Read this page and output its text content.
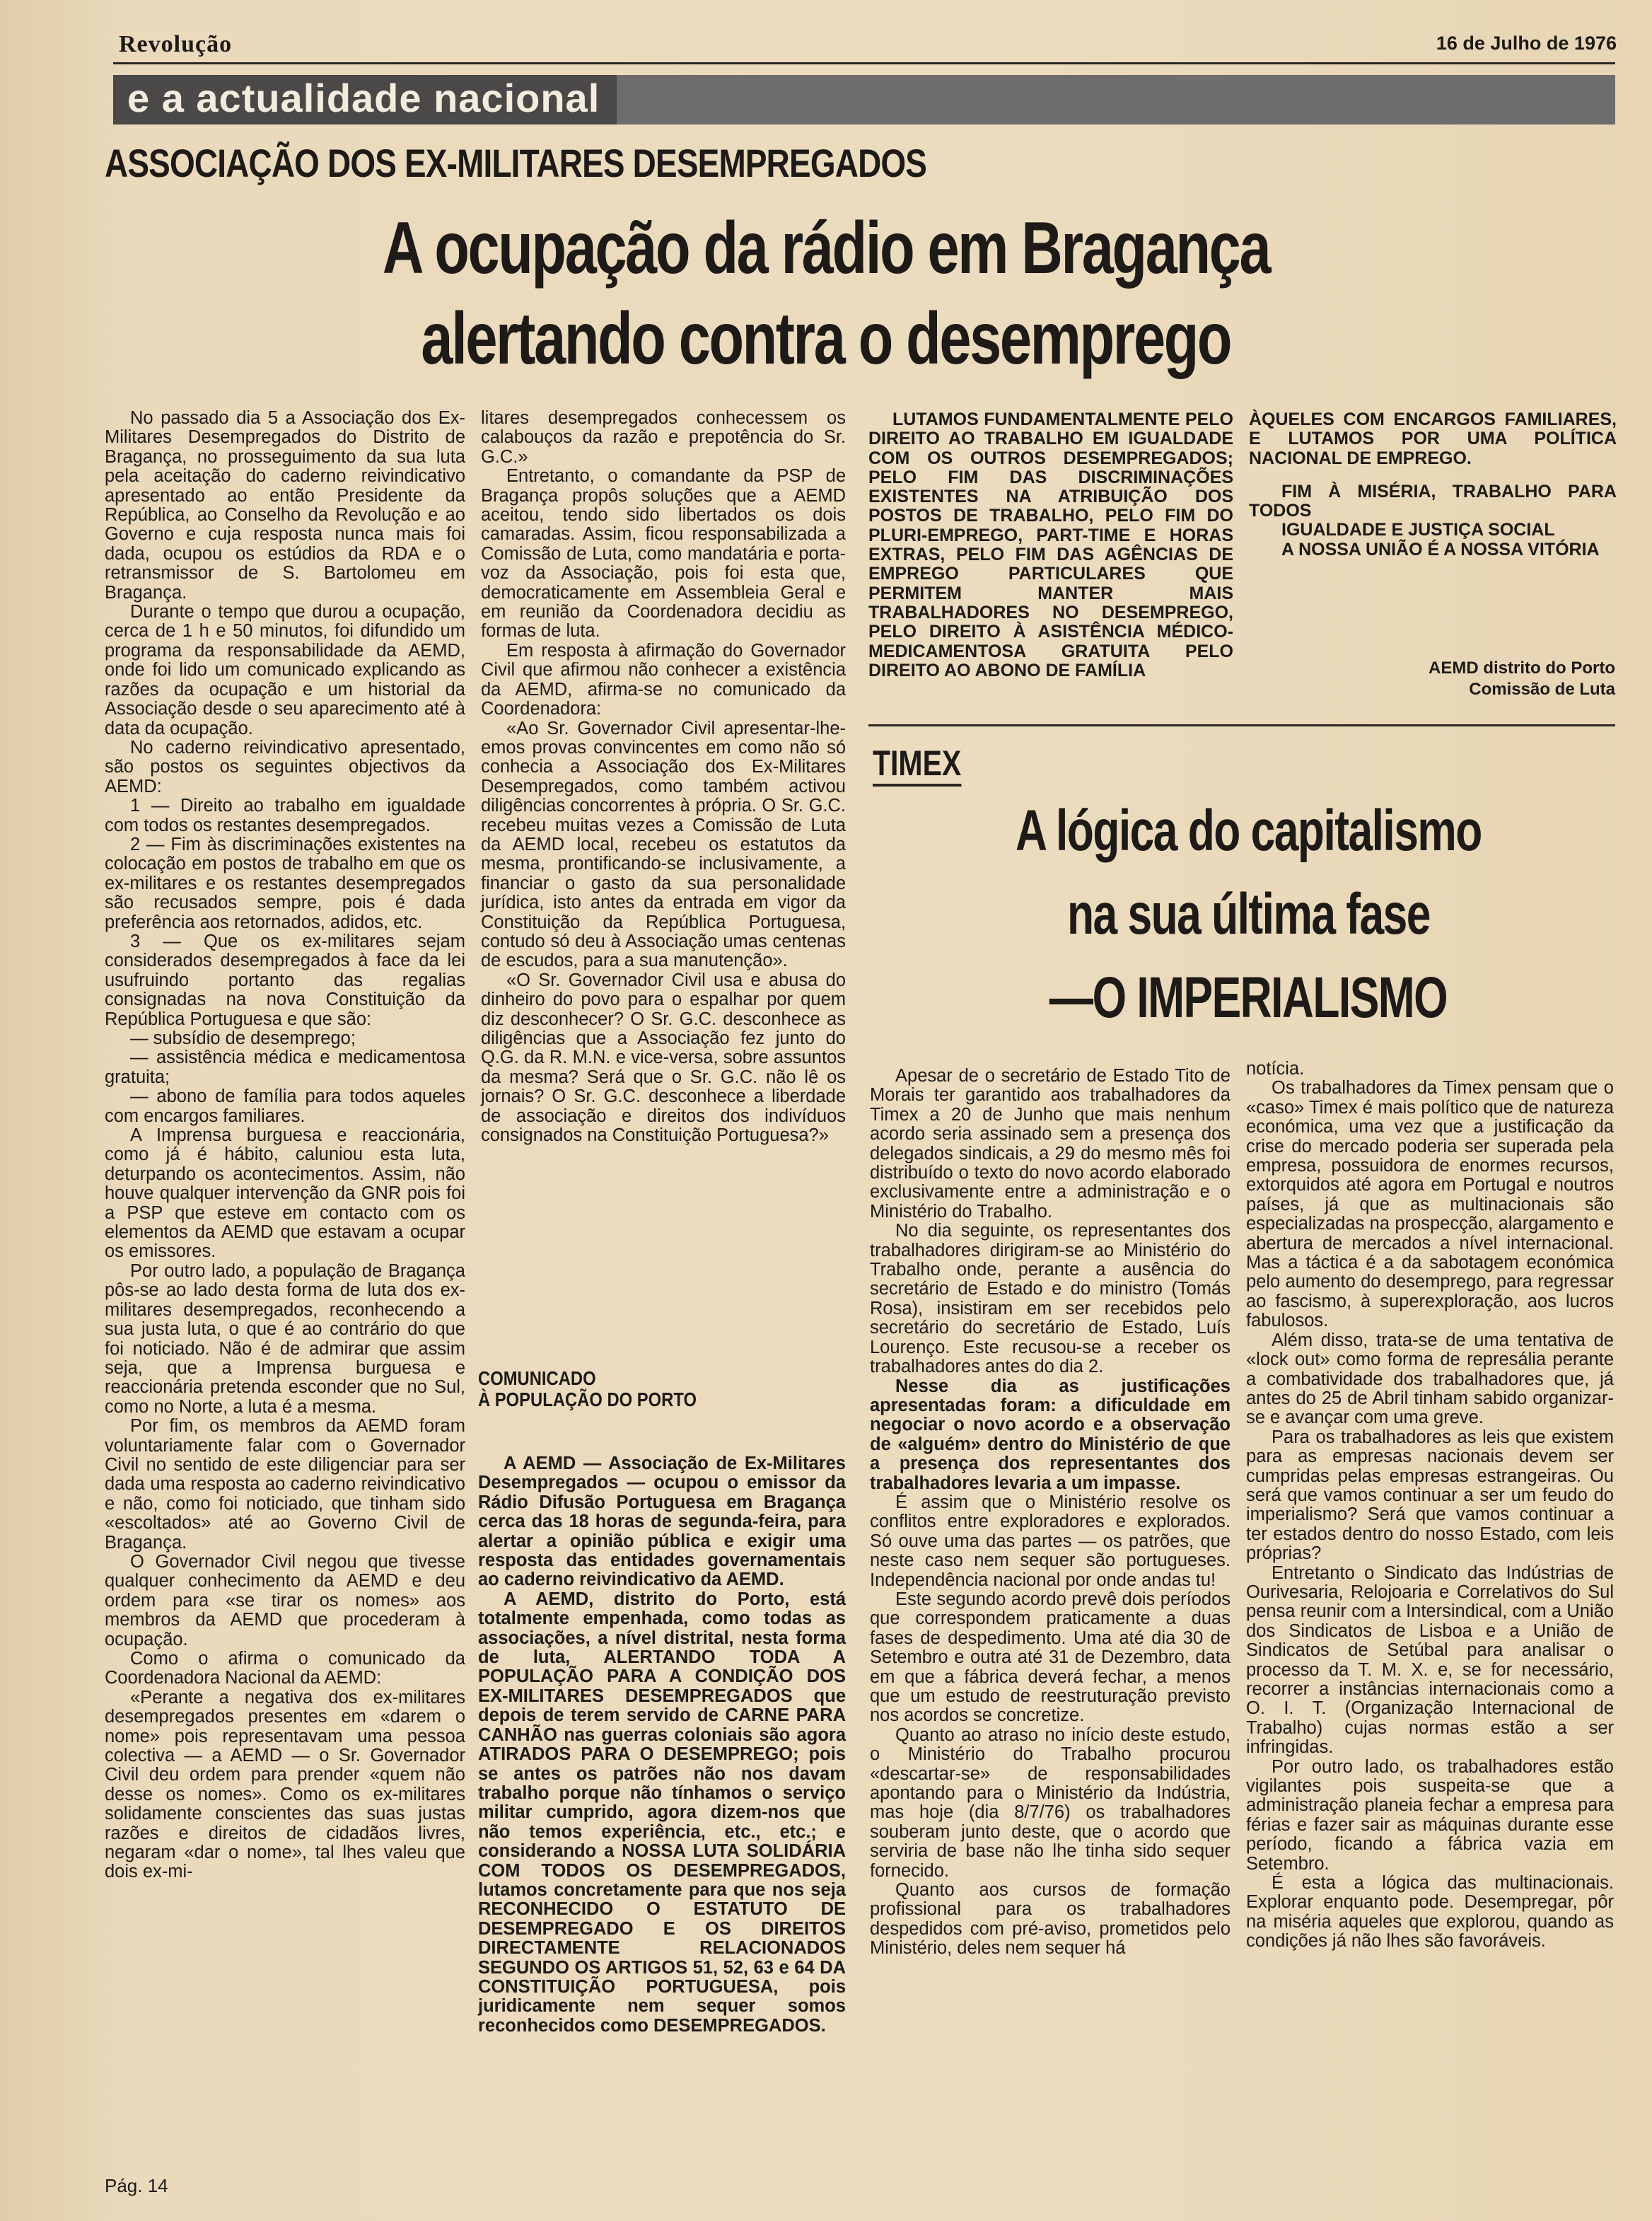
Revolução	16 de Julho de 1976
e a actualidade nacional
ASSOCIAÇÃO DOS EX-MILITARES DESEMPREGADOS
A ocupação da rádio em Bragança
alertando contra o desemprego

No passado dia 5 a Associação dos Ex-Militares Desempregados do Distrito de Bragança, no prosseguimento da sua luta pela aceitação do caderno reivindicativo apresentado ao então Presidente da República, ao Conselho da Revolução e ao Governo e cuja resposta nunca mais foi dada, ocupou os estúdios da RDA e o retransmissor de S. Bartolomeu em Bragança.

Durante o tempo que durou a ocupação, cerca de 1 h e 50 minutos, foi difundido um programa da responsabilidade da AEMD, onde foi lido um comunicado explicando as razões da ocupação e um historial da Associação desde o seu aparecimento até à data da ocupação.

No caderno reivindicativo apresentado, são postos os seguintes objectivos da AEMD:

1 — Direito ao trabalho em igualdade com todos os restantes desempregados.

2 — Fim às discriminações existentes na colocação em postos de trabalho em que os ex-militares e os restantes desempregados são recusados sempre, pois é dada preferência aos retornados, adidos, etc.

3 — Que os ex-militares sejam considerados desempregados à face da lei usufruindo portanto das regalias consignadas na nova Constituição da República Portuguesa e que são:

— subsídio de desemprego;

— assistência médica e medicamentosa gratuita;

— abono de família para todos aqueles com encargos familiares.

A Imprensa burguesa e reaccionária, como já é hábito, caluniou esta luta, deturpando os acontecimentos. Assim, não houve qualquer intervenção da GNR pois foi a PSP que esteve em contacto com os elementos da AEMD que estavam a ocupar os emissores.

Por outro lado, a população de Bragança pôs-se ao lado desta forma de luta dos ex-militares desempregados, reconhecendo a sua justa luta, o que é ao contrário do que foi noticiado. Não é de admirar que assim seja, que a Imprensa burguesa e reaccionária pretenda esconder que no Sul, como no Norte, a luta é a mesma.

Por fim, os membros da AEMD foram voluntariamente falar com o Governador Civil no sentido de este diligenciar para ser dada uma resposta ao caderno reivindicativo e não, como foi noticiado, que tinham sido «escoltados» até ao Governo Civil de Bragança.

O Governador Civil negou que tivesse qualquer conhecimento da AEMD e deu ordem para «se tirar os nomes» aos membros da AEMD que procederam à ocupação.

Como o afirma o comunicado da Coordenadora Nacional da AEMD:

«Perante a negativa dos ex-militares desempregados presentes em «darem o nome» pois representavam uma pessoa colectiva — a AEMD — o Sr. Governador Civil deu ordem para prender «quem não desse os nomes». Como os ex-militares solidamente conscientes das suas justas razões e direitos de cidadãos livres, negaram «dar o nome», tal lhes valeu que dois ex-mi-

litares desempregados conhecessem os calabouços da razão e prepotência do Sr. G.C.»

Entretanto, o comandante da PSP de Bragança propôs soluções que a AEMD aceitou, tendo sido libertados os dois camaradas. Assim, ficou responsabilizada a Comissão de Luta, como mandatária e porta-voz da Associação, pois foi esta que, democraticamente em Assembleia Geral e em reunião da Coordenadora decidiu as formas de luta.

Em resposta à afirmação do Governador Civil que afirmou não conhecer a existência da AEMD, afirma-se no comunicado da Coordenadora:

«Ao Sr. Governador Civil apresentar-lhe-emos provas convincentes em como não só conhecia a Associação dos Ex-Militares Desempregados, como também activou diligências concorrentes à própria. O Sr. G.C. recebeu muitas vezes a Comissão de Luta da AEMD local, recebeu os estatutos da mesma, prontificando-se inclusivamente, a financiar o gasto da sua personalidade jurídica, isto antes da entrada em vigor da Constituição da República Portuguesa, contudo só deu à Associação umas centenas de escudos, para a sua manutenção».

«O Sr. Governador Civil usa e abusa do dinheiro do povo para o espalhar por quem diz desconhecer? O Sr. G.C. desconhece as diligências que a Associação fez junto do Q.G. da R. M.N. e vice-versa, sobre assuntos da mesma? Será que o Sr. G.C. não lê os jornais? O Sr. G.C. desconhece a liberdade de associação e direitos dos indivíduos consignados na Constituição Portuguesa?»

COMUNICADO
À POPULAÇÃO DO PORTO

A AEMD — Associação de Ex-Militares Desempregados — ocupou o emissor da Rádio Difusão Portuguesa em Bragança cerca das 18 horas de segunda-feira, para alertar a opinião pública e exigir uma resposta das entidades governamentais ao caderno reivindicativo da AEMD.

A AEMD, distrito do Porto, está totalmente empenhada, como todas as associações, a nível distrital, nesta forma de luta, ALERTANDO TODA A POPULAÇÃO PARA A CONDIÇÃO DOS EX-MILITARES DESEMPREGADOS que depois de terem servido de CARNE PARA CANHÃO nas guerras coloniais são agora ATIRADOS PARA O DESEMPREGO; pois se antes os patrões não nos davam trabalho porque não tínhamos o serviço militar cumprido, agora dizem-nos que não temos experiência, etc., etc.; e considerando a NOSSA LUTA SOLIDÁRIA COM TODOS OS DESEMPREGADOS, lutamos concretamente para que nos seja RECONHECIDO O ESTATUTO DE DESEMPREGADO E OS DIREITOS DIRECTAMENTE RELACIONADOS SEGUNDO OS ARTIGOS 51, 52, 63 e 64 DA CONSTITUIÇÃO PORTUGUESA, pois juridicamente nem sequer somos reconhecidos como DESEMPREGADOS.

LUTAMOS FUNDAMENTALMENTE PELO DIREITO AO TRABALHO EM IGUALDADE COM OS OUTROS DESEMPREGADOS; PELO FIM DAS DISCRIMINAÇÕES EXISTENTES NA ATRIBUIÇÃO DOS POSTOS DE TRABALHO, PELO FIM DO PLURI-EMPREGO, PART-TIME E HORAS EXTRAS, PELO FIM DAS AGÊNCIAS DE EMPREGO PARTICULARES QUE PERMITEM MANTER MAIS TRABALHADORES NO DESEMPREGO, PELO DIREITO À ASISTÊNCIA MÉDICO-MEDICAMENTOSA GRATUITA PELO DIREITO AO ABONO DE FAMÍLIA

ÀQUELES COM ENCARGOS FAMILIARES, E LUTAMOS POR UMA POLÍTICA NACIONAL DE EMPREGO.

FIM À MISÉRIA, TRABALHO PARA TODOS

IGUALDADE E JUSTIÇA SOCIAL

A NOSSA UNIÃO É A NOSSA VITÓRIA

AEMD distrito do Porto
Comissão de Luta
TIMEX
A lógica do capitalismo
na sua última fase
—O IMPERIALISMO

Apesar de o secretário de Estado Tito de Morais ter garantido aos trabalhadores da Timex a 20 de Junho que mais nenhum acordo seria assinado sem a presença dos delegados sindicais, a 29 do mesmo mês foi distribuído o texto do novo acordo elaborado exclusivamente entre a administração e o Ministério do Trabalho.

No dia seguinte, os representantes dos trabalhadores dirigiram-se ao Ministério do Trabalho onde, perante a ausência do secretário de Estado e do ministro (Tomás Rosa), insistiram em ser recebidos pelo secretário do secretário de Estado, Luís Lourenço. Este recusou-se a receber os trabalhadores antes do dia 2.

Nesse dia as justificações apresentadas foram: a dificuldade em negociar o novo acordo e a observação de «alguém» dentro do Ministério de que a presença dos representantes dos trabalhadores levaria a um impasse.

É assim que o Ministério resolve os conflitos entre exploradores e explorados. Só ouve uma das partes — os patrões, que neste caso nem sequer são portugueses. Independência nacional por onde andas tu!

Este segundo acordo prevê dois períodos que correspondem praticamente a duas fases de despedimento. Uma até dia 30 de Setembro e outra até 31 de Dezembro, data em que a fábrica deverá fechar, a menos que um estudo de reestruturação previsto nos acordos se concretize.

Quanto ao atraso no início deste estudo, o Ministério do Trabalho procurou «descartar-se» de responsabilidades apontando para o Ministério da Indústria, mas hoje (dia 8/7/76) os trabalhadores souberam junto deste, que o acordo que serviria de base não lhe tinha sido sequer fornecido.

Quanto aos cursos de formação profissional para os trabalhadores despedidos com pré-aviso, prometidos pelo Ministério, deles nem sequer há

notícia.

Os trabalhadores da Timex pensam que o «caso» Timex é mais político que de natureza económica, uma vez que a justificação da crise do mercado poderia ser superada pela empresa, possuidora de enormes recursos, extorquidos até agora em Portugal e noutros países, já que as multinacionais são especializadas na prospecção, alargamento e abertura de mercados a nível internacional. Mas a táctica é a da sabotagem económica pelo aumento do desemprego, para regressar ao fascismo, à superexploração, aos lucros fabulosos.

Além disso, trata-se de uma tentativa de «lock out» como forma de represália perante a combatividade dos trabalhadores que, já antes do 25 de Abril tinham sabido organizar-se e avançar com uma greve.

Para os trabalhadores as leis que existem para as empresas nacionais devem ser cumpridas pelas empresas estrangeiras. Ou será que vamos continuar a ser um feudo do imperialismo? Será que vamos continuar a ter estados dentro do nosso Estado, com leis próprias?

Entretanto o Sindicato das Indústrias de Ourivesaria, Relojoaria e Correlativos do Sul pensa reunir com a Intersindical, com a União dos Sindicatos de Lisboa e a União de Sindicatos de Setúbal para analisar o processo da T. M. X. e, se for necessário, recorrer a instâncias internacionais como a O. I. T. (Organização Internacional de Trabalho) cujas normas estão a ser infringidas.

Por outro lado, os trabalhadores estão vigilantes pois suspeita-se que a administração planeia fechar a empresa para férias e fazer sair as máquinas durante esse período, ficando a fábrica vazia em Setembro.

É esta a lógica das multinacionais. Explorar enquanto pode. Desempregar, pôr na miséria aqueles que explorou, quando as condições já não lhes são favoráveis.

Pág. 14
